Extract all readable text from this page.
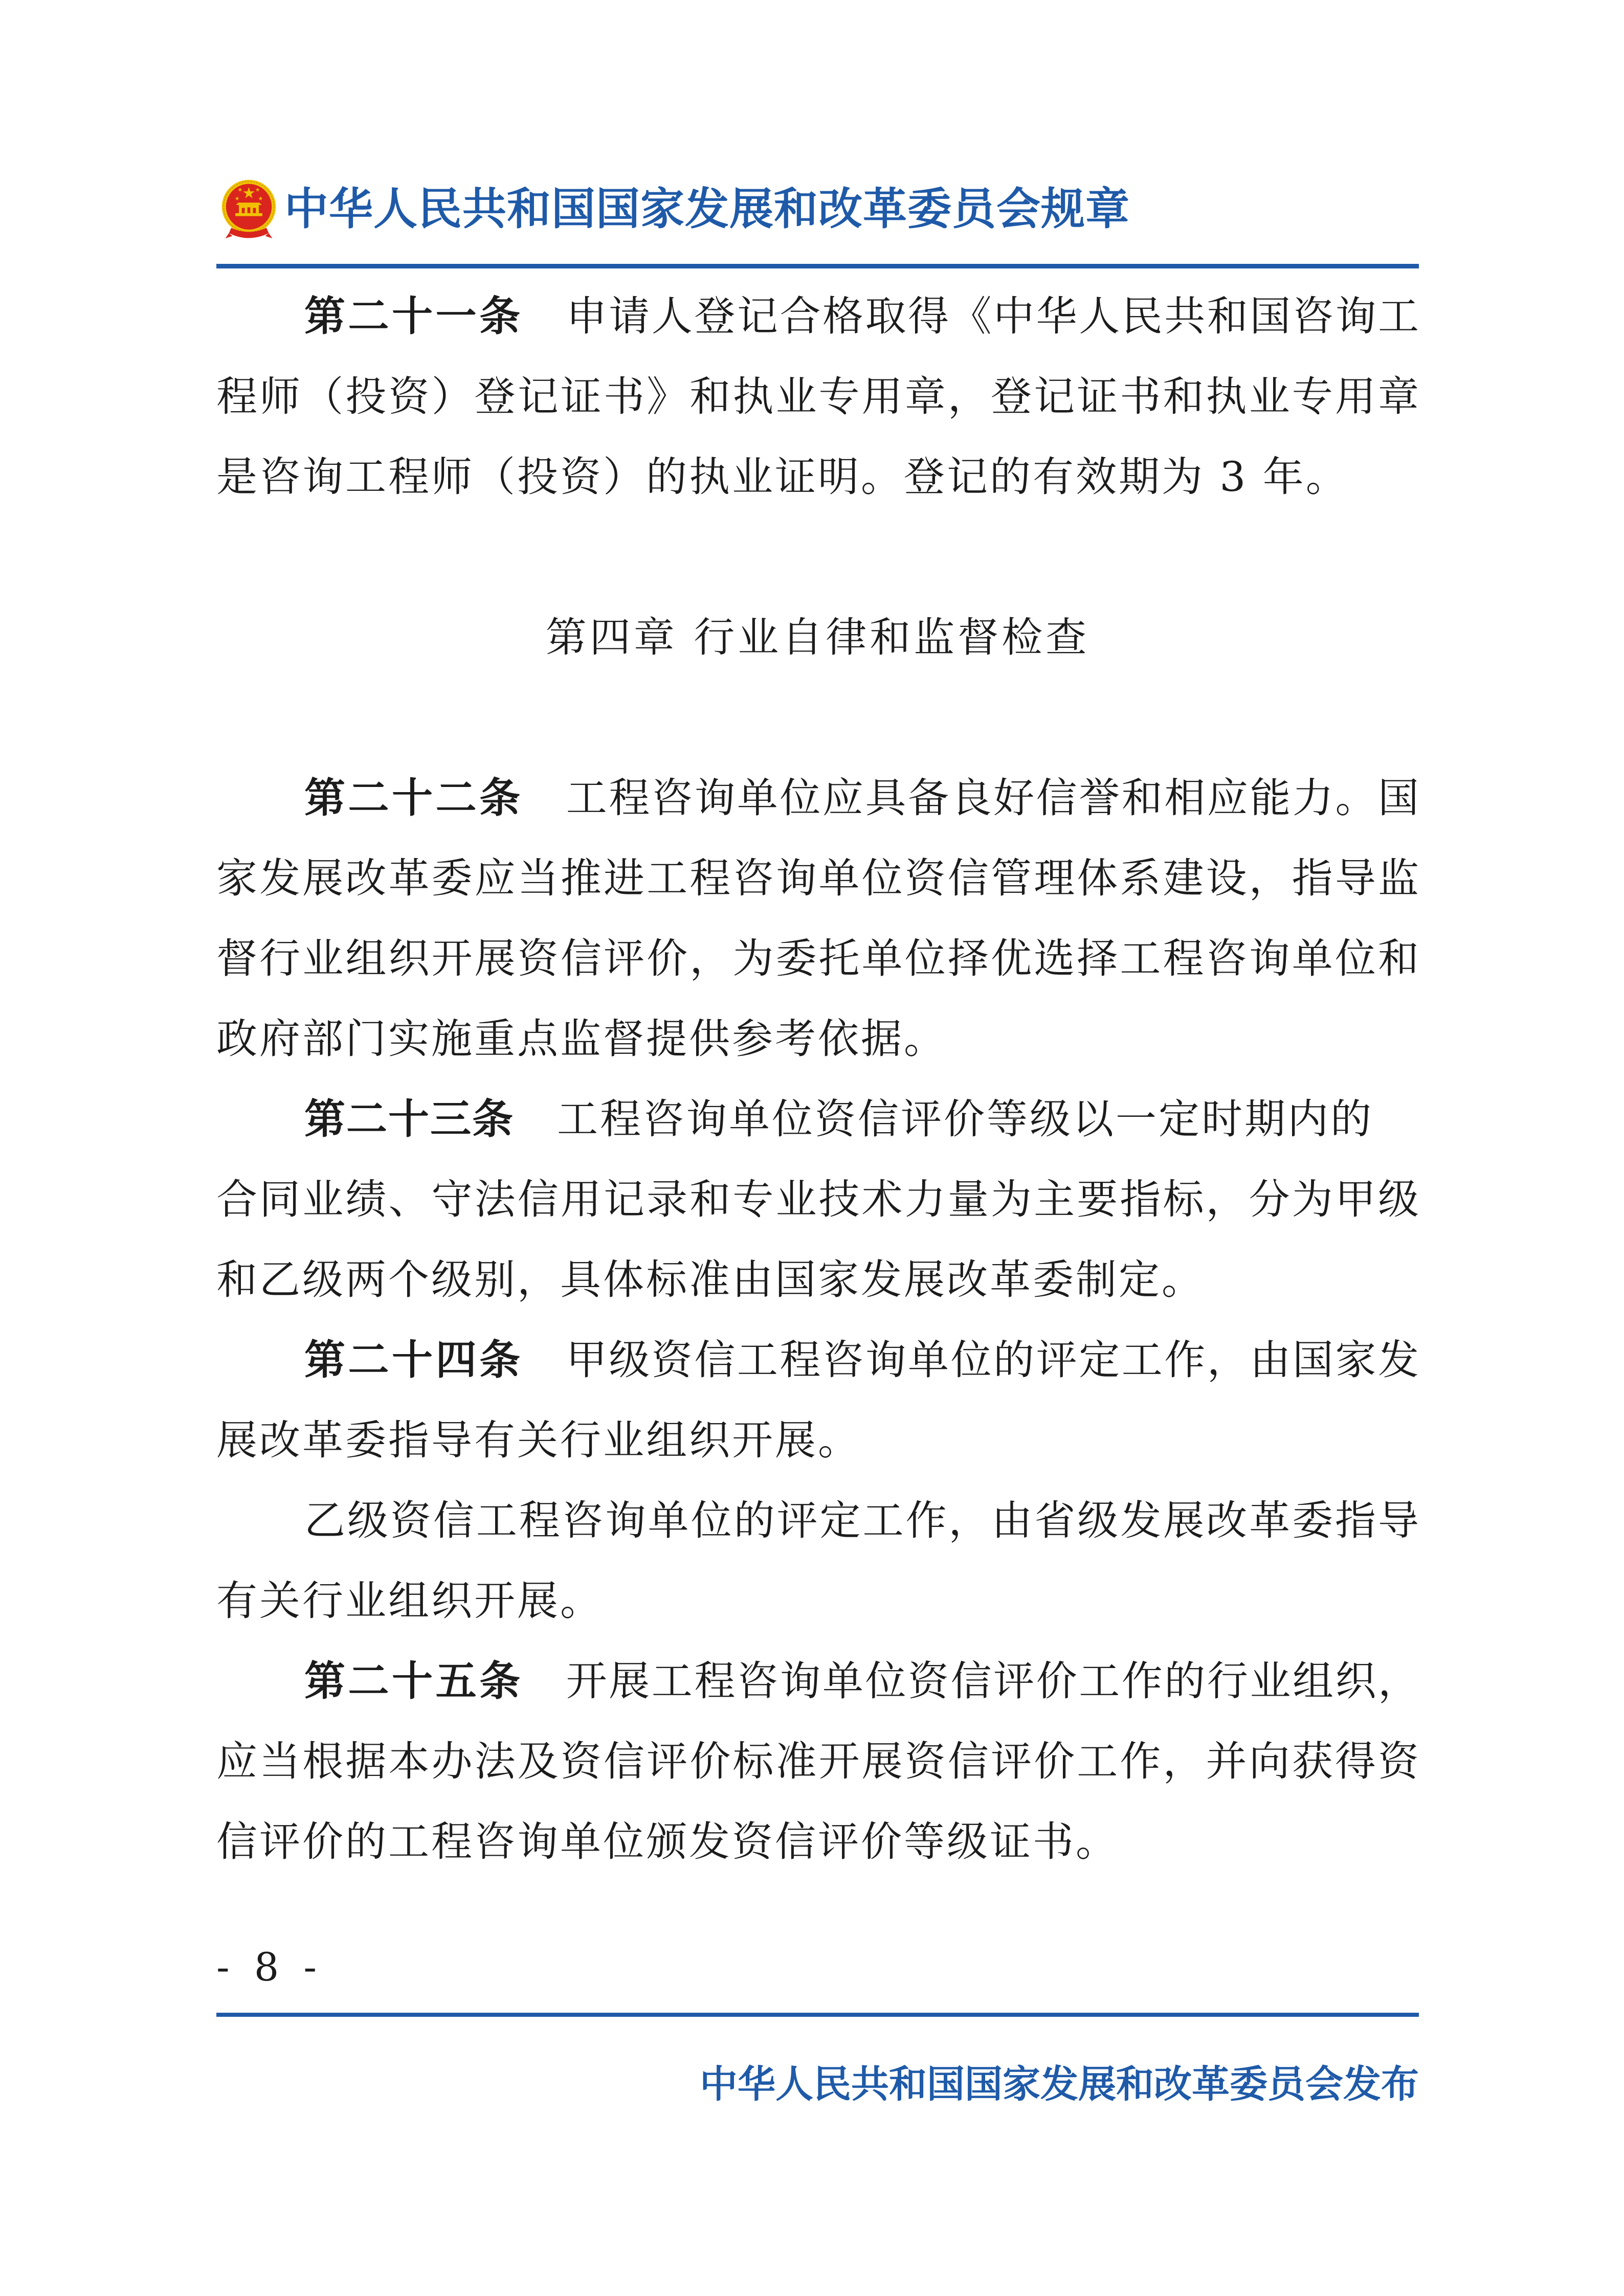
中华人民共和国国家发展和改革委员会规章
第二十一条 申请人登记合格取得《中华人民共和国咨询工
程师（投资）登记证书》和执业专用章，登记证书和执业专用章
是咨询工程师（投资）的执业证明。登记的有效期为 3 年。
第四章 行业自律和监督检查
第二十二条 工程咨询单位应具备良好信誉和相应能力。国
家发展改革委应当推进工程咨询单位资信管理体系建设，指导监
督行业组织开展资信评价，为委托单位择优选择工程咨询单位和
政府部门实施重点监督提供参考依据。
第二十三条 工程咨询单位资信评价等级以一定时期内的
合同业绩、守法信用记录和专业技术力量为主要指标，分为甲级
和乙级两个级别，具体标准由国家发展改革委制定。
第二十四条 甲级资信工程咨询单位的评定工作，由国家发
展改革委指导有关行业组织开展。
乙级资信工程咨询单位的评定工作，由省级发展改革委指导
有关行业组织开展。
第二十五条 开展工程咨询单位资信评价工作的行业组织，
应当根据本办法及资信评价标准开展资信评价工作，并向获得资
信评价的工程咨询单位颁发资信评价等级证书。
- 8 -
中华人民共和国国家发展和改革委员会发布
